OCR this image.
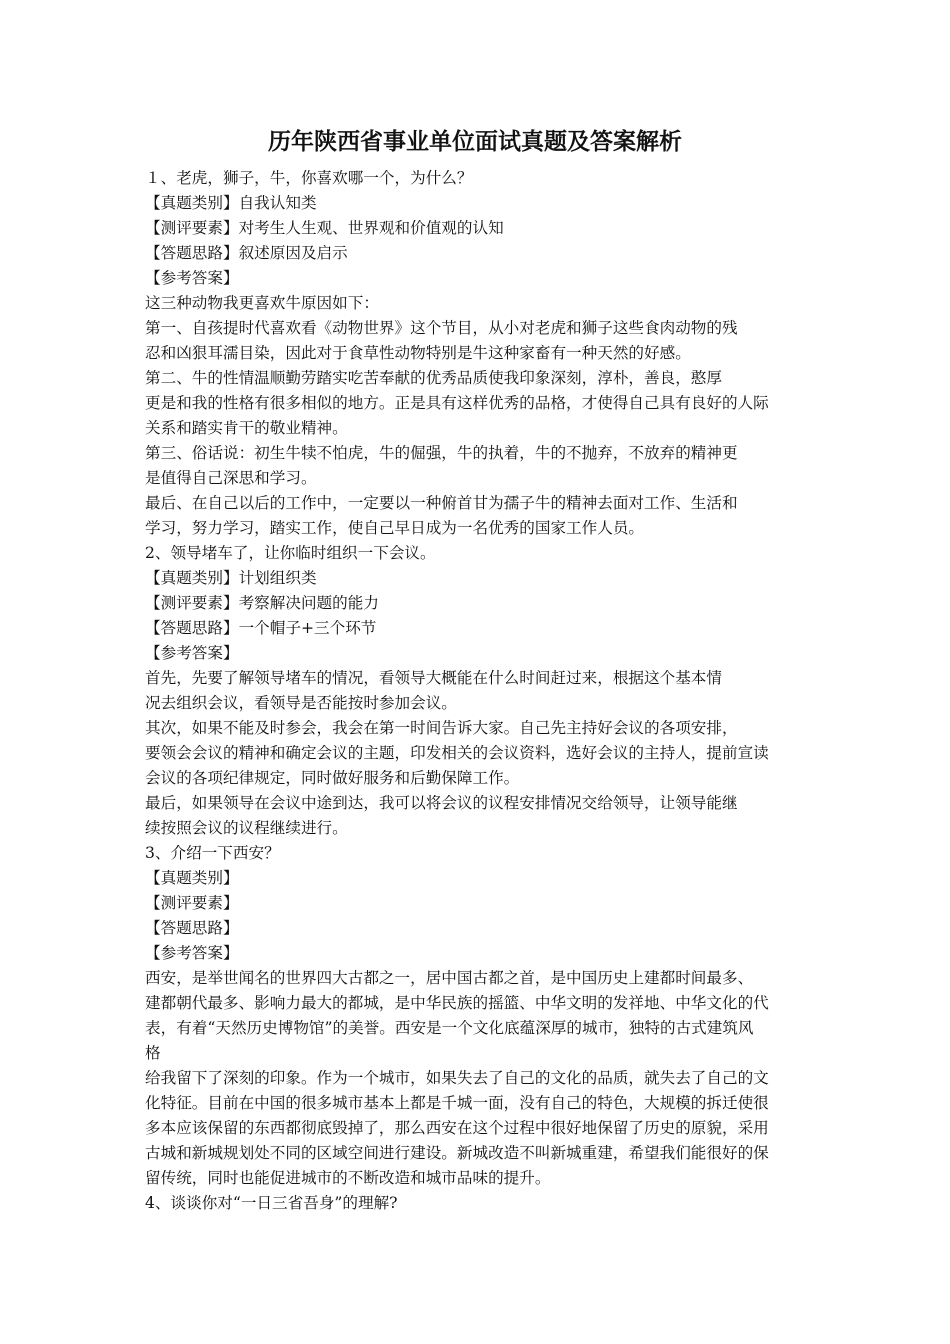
历年陕西省事业单位面试真题及答案解析
１、老虎，狮子，牛，你喜欢哪一个，为什么？
【真题类别】自我认知类
【测评要素】对考生人生观、世界观和价值观的认知
【答题思路】叙述原因及启示
【参考答案】
这三种动物我更喜欢牛原因如下：
第一、自孩提时代喜欢看《动物世界》这个节目，从小对老虎和狮子这些食肉动物的残
忍和凶狠耳濡目染，因此对于食草性动物特别是牛这种家畜有一种天然的好感。
第二、牛的性情温顺勤劳踏实吃苦奉献的优秀品质使我印象深刻，淳朴，善良，憨厚
更是和我的性格有很多相似的地方。正是具有这样优秀的品格，才使得自己具有良好的人际
关系和踏实肯干的敬业精神。
第三、俗话说：初生牛犊不怕虎，牛的倔强，牛的执着，牛的不抛弃，不放弃的精神更
是值得自己深思和学习。
最后、在自己以后的工作中，一定要以一种俯首甘为孺子牛的精神去面对工作、生活和
学习，努力学习，踏实工作，使自己早日成为一名优秀的国家工作人员。
2、领导堵车了，让你临时组织一下会议。
【真题类别】计划组织类
【测评要素】考察解决问题的能力
【答题思路】一个帽子+三个环节
【参考答案】
首先，先要了解领导堵车的情况，看领导大概能在什么时间赶过来，根据这个基本情
况去组织会议，看领导是否能按时参加会议。
其次，如果不能及时参会，我会在第一时间告诉大家。自己先主持好会议的各项安排，
要领会会议的精神和确定会议的主题，印发相关的会议资料，选好会议的主持人，提前宣读
会议的各项纪律规定，同时做好服务和后勤保障工作。
最后，如果领导在会议中途到达，我可以将会议的议程安排情况交给领导，让领导能继
续按照会议的议程继续进行。
3、介绍一下西安？
【真题类别】
【测评要素】
【答题思路】
【参考答案】
西安，是举世闻名的世界四大古都之一，居中国古都之首，是中国历史上建都时间最多、
建都朝代最多、影响力最大的都城，是中华民族的摇篮、中华文明的发祥地、中华文化的代
表，有着“天然历史博物馆”的美誉。西安是一个文化底蕴深厚的城市，独特的古式建筑风
格
给我留下了深刻的印象。作为一个城市，如果失去了自己的文化的品质，就失去了自己的文
化特征。目前在中国的很多城市基本上都是千城一面，没有自己的特色，大规模的拆迁使很
多本应该保留的东西都彻底毁掉了，那么西安在这个过程中很好地保留了历史的原貌，采用
古城和新城规划处不同的区域空间进行建设。新城改造不叫新城重建，希望我们能很好的保
留传统，同时也能促进城市的不断改造和城市品味的提升。
4、谈谈你对“一日三省吾身”的理解?
